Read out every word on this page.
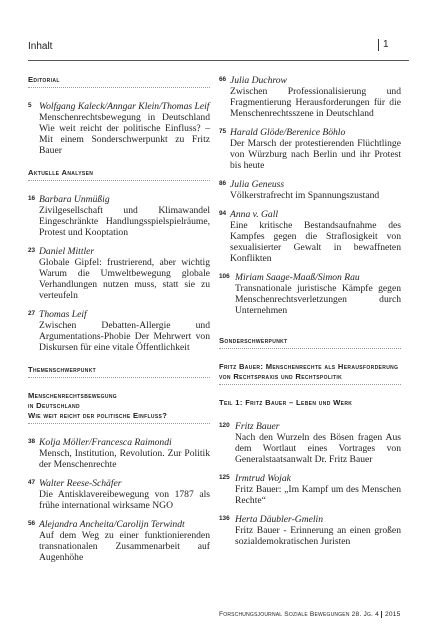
Inhalt	1
Editorial
5 Wolfgang Kaleck/Anngar Klein/Thomas Leif
Menschenrechtsbewegung in Deutschland Wie weit reicht der politische Einfluss? – Mit einem Sonderschwerpunkt zu Fritz Bauer
Aktuelle Analysen
16 Barbara Unmüßig
Zivilgesellschaft und Klimawandel Eingeschränkte Handlungsspielspielräume, Protest und Kooptation
23 Daniel Mittler
Globale Gipfel: frustrierend, aber wichtig Warum die Umweltbewegung globale Verhandlungen nutzen muss, statt sie zu verteufeln
27 Thomas Leif
Zwischen Debatten-Allergie und Argumentations-Phobie Der Mehrwert von Diskursen für eine vitale Öffentlichkeit
Themenschwerpunkt
Menschenrechtsbewegung
in Deutschland
Wie weit reicht der politische Einfluss?
38 Kolja Möller/Francesca Raimondi
Mensch, Institution, Revolution. Zur Politik der Menschenrechte
47 Walter Reese-Schäfer
Die Antisklavereibewegung von 1787 als frühe international wirksame NGO
56 Alejandra Ancheita/Carolijn Terwindt
Auf dem Weg zu einer funktionierenden transnationalen Zusammenarbeit auf Augenhöhe
66 Julia Duchrow
Zwischen Professionalisierung und Fragmentierung Herausforderungen für die Menschenrechtsszene in Deutschland
75 Harald Glöde/Berenice Böhlo
Der Marsch der protestierenden Flüchtlinge von Würzburg nach Berlin und ihr Protest bis heute
86 Julia Geneuss
Völkerstrafrecht im Spannungszustand
94 Anna v. Gall
Eine kritische Bestandsaufnahme des Kampfes gegen die Straflosigkeit von sexualisierter Gewalt in bewaffneten Konflikten
106 Miriam Saage-Maaß/Simon Rau
Transnationale juristische Kämpfe gegen Menschenrechtsverletzungen durch Unternehmen
Sonderschwerpunkt
Fritz Bauer: Menschenrechte als Herausforderung von Rechtspraxis und Rechtspolitik
Teil 1: Fritz Bauer – Leben und Werk
120 Fritz Bauer
Nach den Wurzeln des Bösen fragen Aus dem Wortlaut eines Vortrages von Generalstaatsanwalt Dr. Fritz Bauer
125 Irmtrud Wojak
Fritz Bauer: „Im Kampf um des Menschen Rechte“
136 Herta Däubler-Gmelin
Fritz Bauer - Erinnerung an einen großen sozialdemokratischen Juristen
Forschungsjournal Soziale Bewegungen 28. Jg. 4 2015
